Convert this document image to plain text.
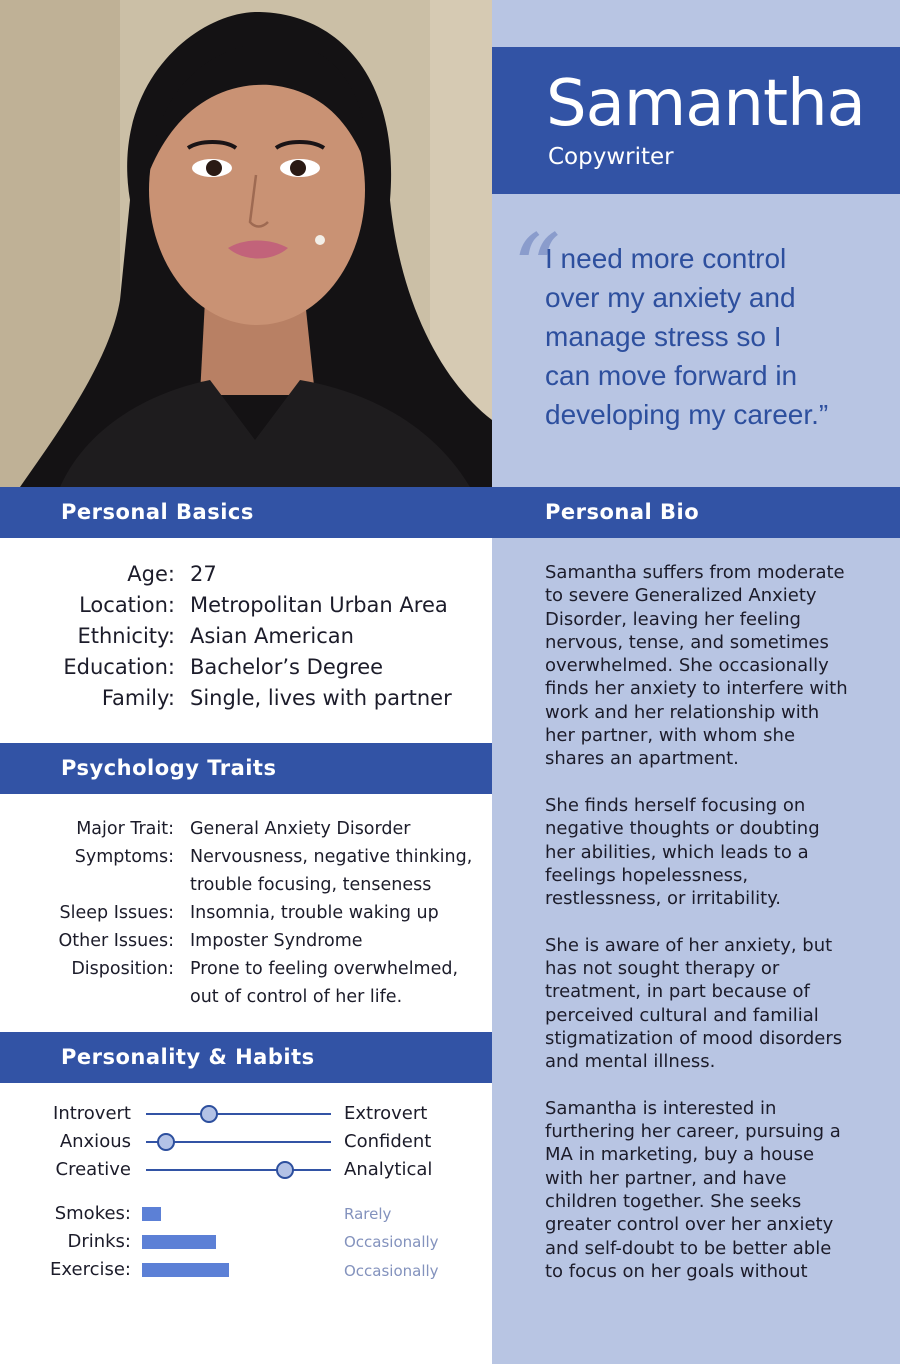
Samantha
Copywriter
“
I need more control
over my anxiety and
manage stress so I
can move forward in
developing my career.”
Personal Basics	Personal Bio
Age: 27
Location: Metropolitan Urban Area
Ethnicity: Asian American
Education: Bachelor’s Degree
Family: Single, lives with partner
Psychology Traits
Major Trait: General Anxiety Disorder
Symptoms: Nervousness, negative thinking,
trouble focusing, tenseness
Sleep Issues: Insomnia, trouble waking up
Other Issues: Imposter Syndrome
Disposition: Prone to feeling overwhelmed,
out of control of her life.
Personality & Habits
Introvert	Extrovert
Anxious	Confident
Creative	Analytical
Smokes:	Rarely
Drinks:	Occasionally
Exercise:	Occasionally

Samantha suffers from moderate
to severe Generalized Anxiety
Disorder, leaving her feeling
nervous, tense, and sometimes
overwhelmed. She occasionally
finds her anxiety to interfere with
work and her relationship with
her partner, with whom she
shares an apartment.

She finds herself focusing on
negative thoughts or doubting
her abilities, which leads to a
feelings hopelessness,
restlessness, or irritability.

She is aware of her anxiety, but
has not sought therapy or
treatment, in part because of
perceived cultural and familial
stigmatization of mood disorders
and mental illness.

Samantha is interested in
furthering her career, pursuing a
MA in marketing, buy a house
with her partner, and have
children together. She seeks
greater control over her anxiety
and self-doubt to be better able
to focus on her goals without
